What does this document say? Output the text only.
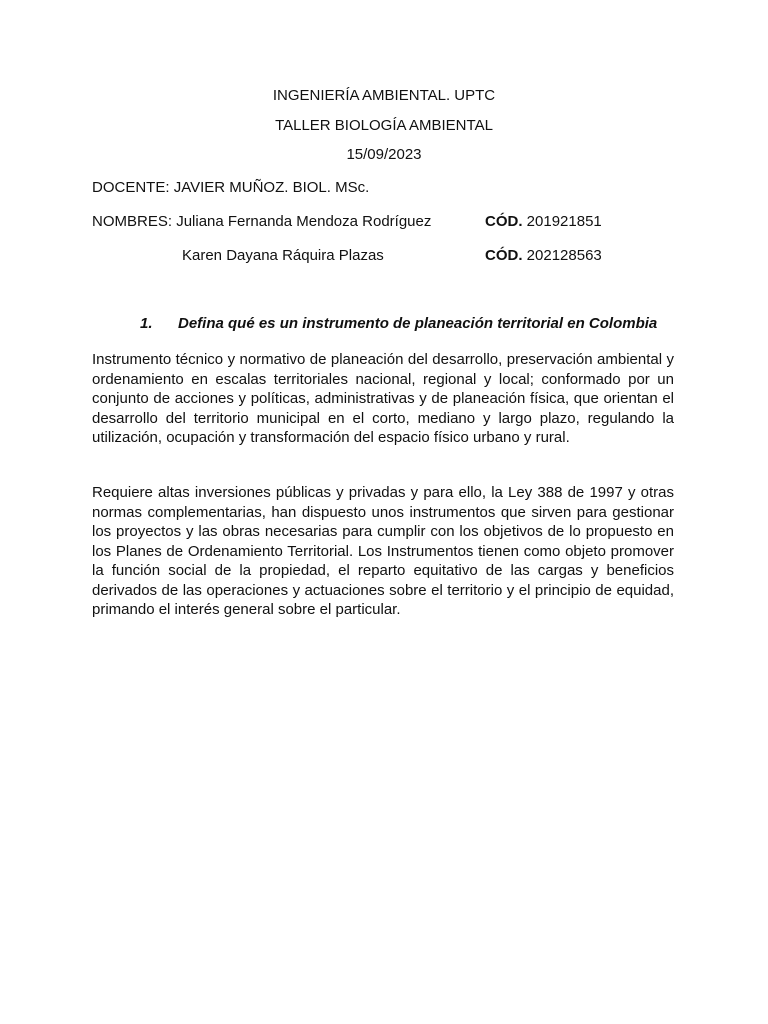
INGENIERÍA AMBIENTAL. UPTC
TALLER BIOLOGÍA AMBIENTAL
15/09/2023
DOCENTE: JAVIER MUÑOZ. BIOL. MSc.
NOMBRES: Juliana Fernanda Mendoza Rodríguez	CÓD. 201921851
Karen Dayana Ráquira Plazas	CÓD. 202128563
1. Defina qué es un instrumento de planeación territorial en Colombia

Instrumento técnico y normativo de planeación del desarrollo, preservación ambiental y ordenamiento en escalas territoriales nacional, regional y local; conformado por un conjunto de acciones y políticas, administrativas y de planeación física, que orientan el desarrollo del territorio municipal en el corto, mediano y largo plazo, regulando la utilización, ocupación y transformación del espacio físico urbano y rural.

Requiere altas inversiones públicas y privadas y para ello, la Ley 388 de 1997 y otras normas complementarias, han dispuesto unos instrumentos que sirven para gestionar los proyectos y las obras necesarias para cumplir con los objetivos de lo propuesto en los Planes de Ordenamiento Territorial. Los Instrumentos tienen como objeto promover la función social de la propiedad, el reparto equitativo de las cargas y beneficios derivados de las operaciones y actuaciones sobre el territorio y el principio de equidad, primando el interés general sobre el particular.
